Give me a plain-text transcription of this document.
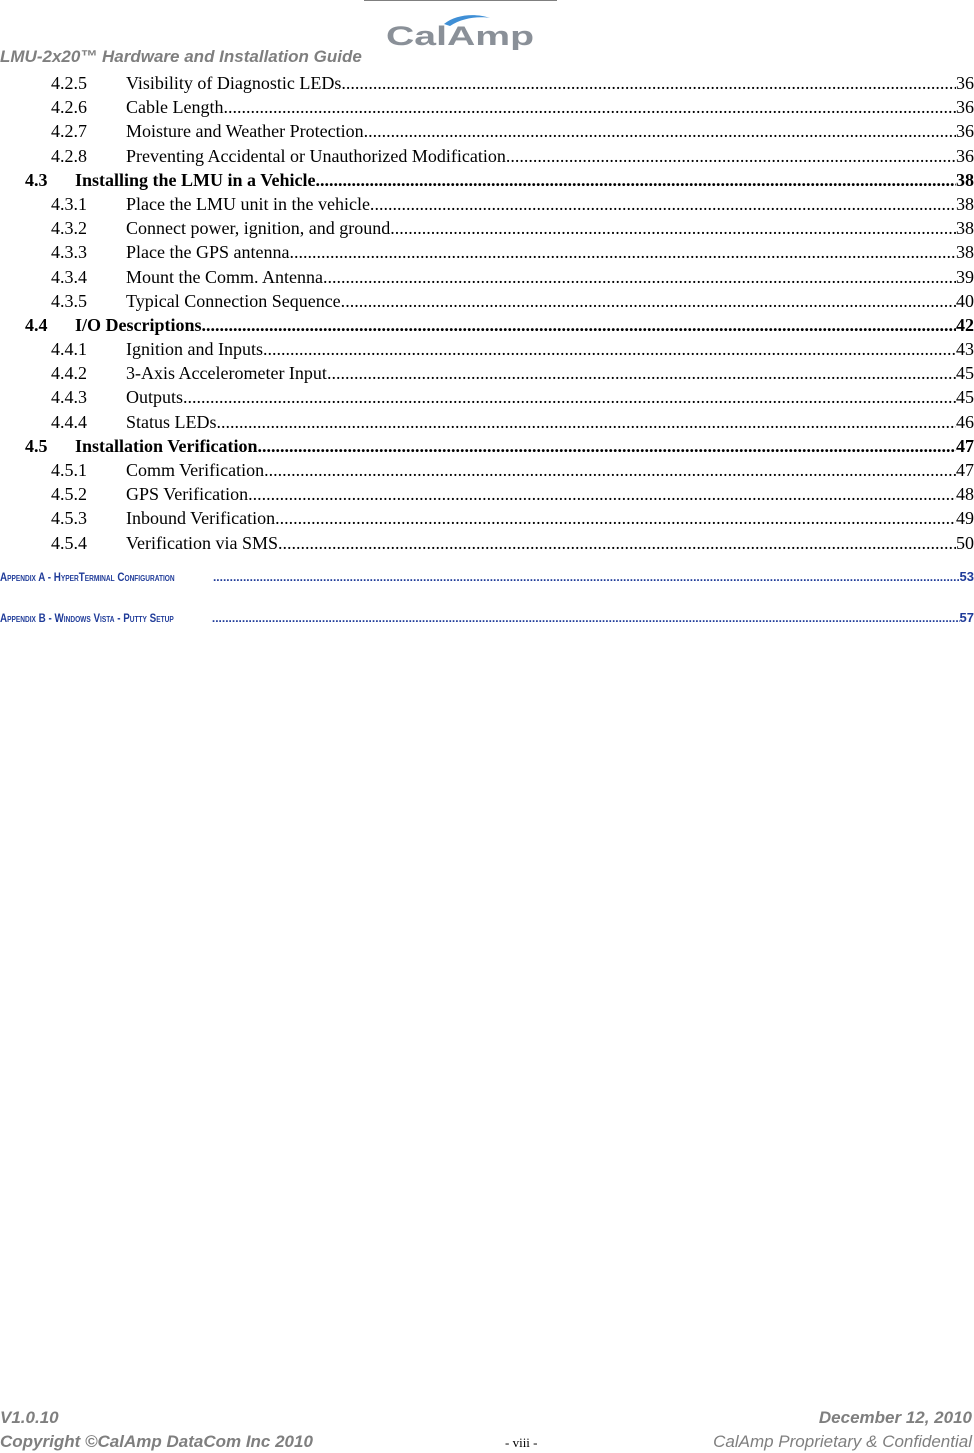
LMU-2x20™ Hardware and Installation Guide
CalAmp
4.2.5	Visibility of Diagnostic LEDs .....	36
4.2.6	Cable Length .....	36
4.2.7	Moisture and Weather Protection .....	36
4.2.8	Preventing Accidental or Unauthorized Modification .....	36
4.3	Installing the LMU in a Vehicle .....	38
4.3.1	Place the LMU unit in the vehicle. .....	38
4.3.2	Connect power, ignition, and ground. .....	38
4.3.3	Place the GPS antenna. .....	38
4.3.4	Mount the Comm. Antenna. .....	39
4.3.5	Typical Connection Sequence. .....	40
4.4	I/O Descriptions .....	42
4.4.1	Ignition and Inputs .....	43
4.4.2	3-Axis Accelerometer Input .....	45
4.4.3	Outputs .....	45
4.4.4	Status LEDs .....	46
4.5	Installation Verification .....	47
4.5.1	Comm Verification .....	47
4.5.2	GPS Verification .....	48
4.5.3	Inbound Verification .....	49
4.5.4	Verification via SMS .....	50
Appendix A - HyperTerminal Configuration .....	53
Appendix B - Windows Vista - Putty Setup .....	57
V1.0.10	December 12, 2010
Copyright ©CalAmp DataCom Inc 2010	- viii -	CalAmp Proprietary & Confidential
